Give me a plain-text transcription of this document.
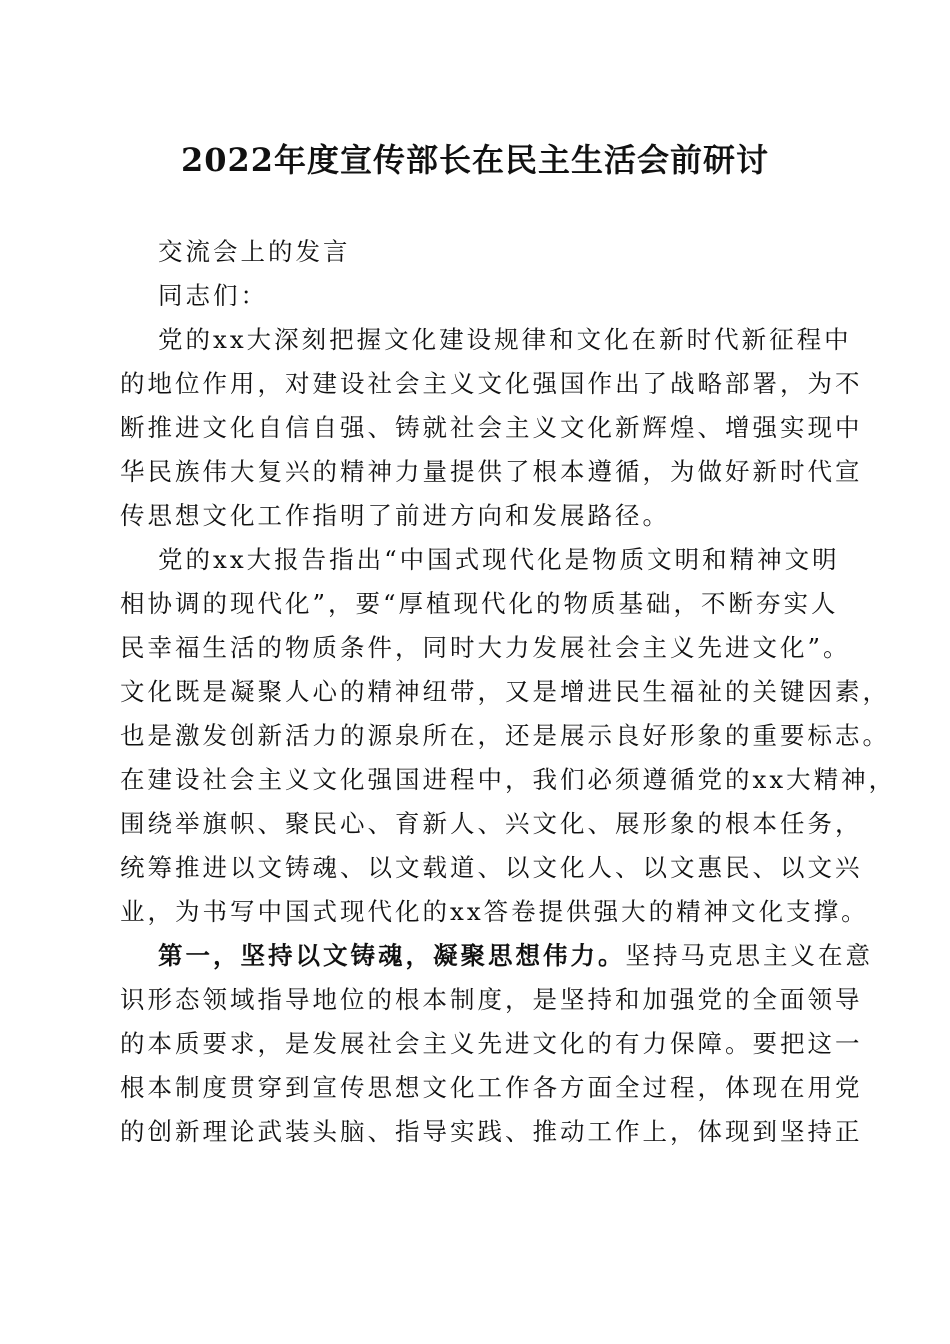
2022年度宣传部长在民主生活会前研讨
交流会上的发言
同志们：
党的xx大深刻把握文化建设规律和文化在新时代新征程中
的地位作用，对建设社会主义文化强国作出了战略部署，为不
断推进文化自信自强、铸就社会主义文化新辉煌、增强实现中
华民族伟大复兴的精神力量提供了根本遵循，为做好新时代宣
传思想文化工作指明了前进方向和发展路径。
党的xx大报告指出“中国式现代化是物质文明和精神文明
相协调的现代化”，要“厚植现代化的物质基础，不断夯实人
民幸福生活的物质条件，同时大力发展社会主义先进文化”。
文化既是凝聚人心的精神纽带，又是增进民生福祉的关键因素，
也是激发创新活力的源泉所在，还是展示良好形象的重要标志。
在建设社会主义文化强国进程中，我们必须遵循党的xx大精神，
围绕举旗帜、聚民心、育新人、兴文化、展形象的根本任务，
统筹推进以文铸魂、以文载道、以文化人、以文惠民、以文兴
业，为书写中国式现代化的xx答卷提供强大的精神文化支撑。
第一，坚持以文铸魂，凝聚思想伟力。坚持马克思主义在意
识形态领域指导地位的根本制度，是坚持和加强党的全面领导
的本质要求，是发展社会主义先进文化的有力保障。要把这一
根本制度贯穿到宣传思想文化工作各方面全过程，体现在用党
的创新理论武装头脑、指导实践、推动工作上，体现到坚持正
